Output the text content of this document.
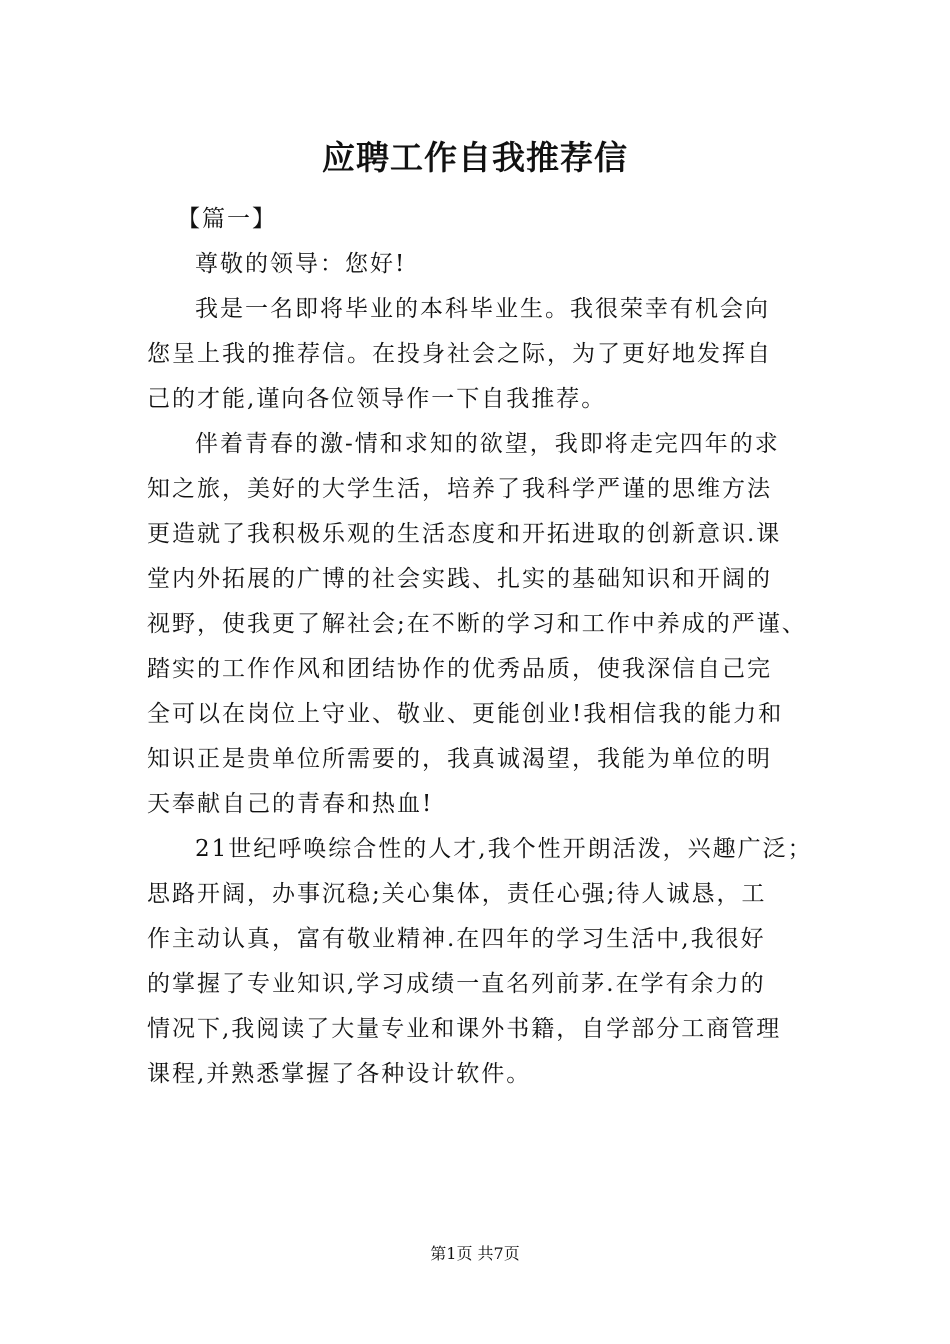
应聘工作自我推荐信
【篇一】
尊敬的领导：您好!
我是一名即将毕业的本科毕业生。我很荣幸有机会向
您呈上我的推荐信。在投身社会之际，为了更好地发挥自
己的才能,谨向各位领导作一下自我推荐。
伴着青春的激-情和求知的欲望，我即将走完四年的求
知之旅，美好的大学生活，培养了我科学严谨的思维方法
更造就了我积极乐观的生活态度和开拓进取的创新意识.课
堂内外拓展的广博的社会实践、扎实的基础知识和开阔的
视野，使我更了解社会;在不断的学习和工作中养成的严谨、
踏实的工作作风和团结协作的优秀品质，使我深信自己完
全可以在岗位上守业、敬业、更能创业!我相信我的能力和
知识正是贵单位所需要的，我真诚渴望，我能为单位的明
天奉献自己的青春和热血!
21世纪呼唤综合性的人才,我个性开朗活泼，兴趣广泛；
思路开阔，办事沉稳;关心集体，责任心强;待人诚恳，工
作主动认真，富有敬业精神.在四年的学习生活中,我很好
的掌握了专业知识,学习成绩一直名列前茅.在学有余力的
情况下,我阅读了大量专业和课外书籍，自学部分工商管理
课程,并熟悉掌握了各种设计软件。
第1页 共7页
